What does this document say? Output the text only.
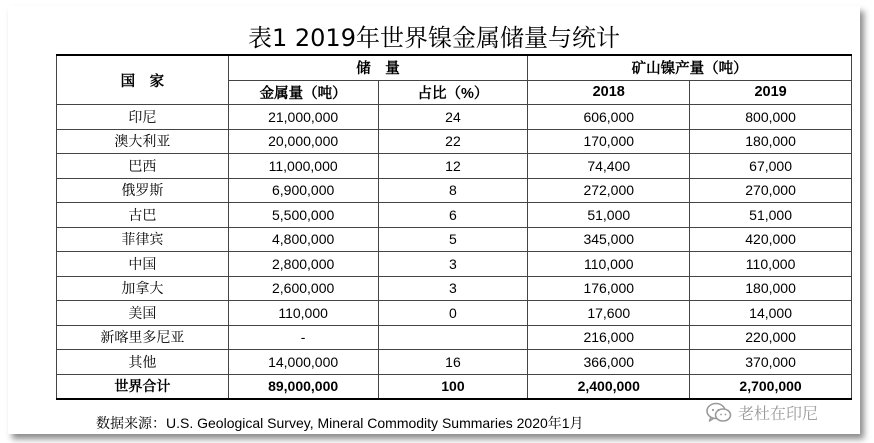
表1 2019年世界镍金属储量与统计
国　家	储　量		矿山镍产量（吨）	
	金属量（吨）	占比（%）	2018	2019
印尼	21,000,000	24	606,000	800,000
澳大利亚	20,000,000	22	170,000	180,000
巴西	11,000,000	12	74,400	67,000
俄罗斯	6,900,000	8	272,000	270,000
古巴	5,500,000	6	51,000	51,000
菲律宾	4,800,000	5	345,000	420,000
中国	2,800,000	3	110,000	110,000
加拿大	2,600,000	3	176,000	180,000
美国	110,000	0	17,600	14,000
新喀里多尼亚	-		216,000	220,000
其他	14,000,000	16	366,000	370,000
世界合计	89,000,000	100	2,400,000	2,700,000
数据来源：U.S. Geological Survey, Mineral Commodity Summaries 2020年1月	老杜在印尼
